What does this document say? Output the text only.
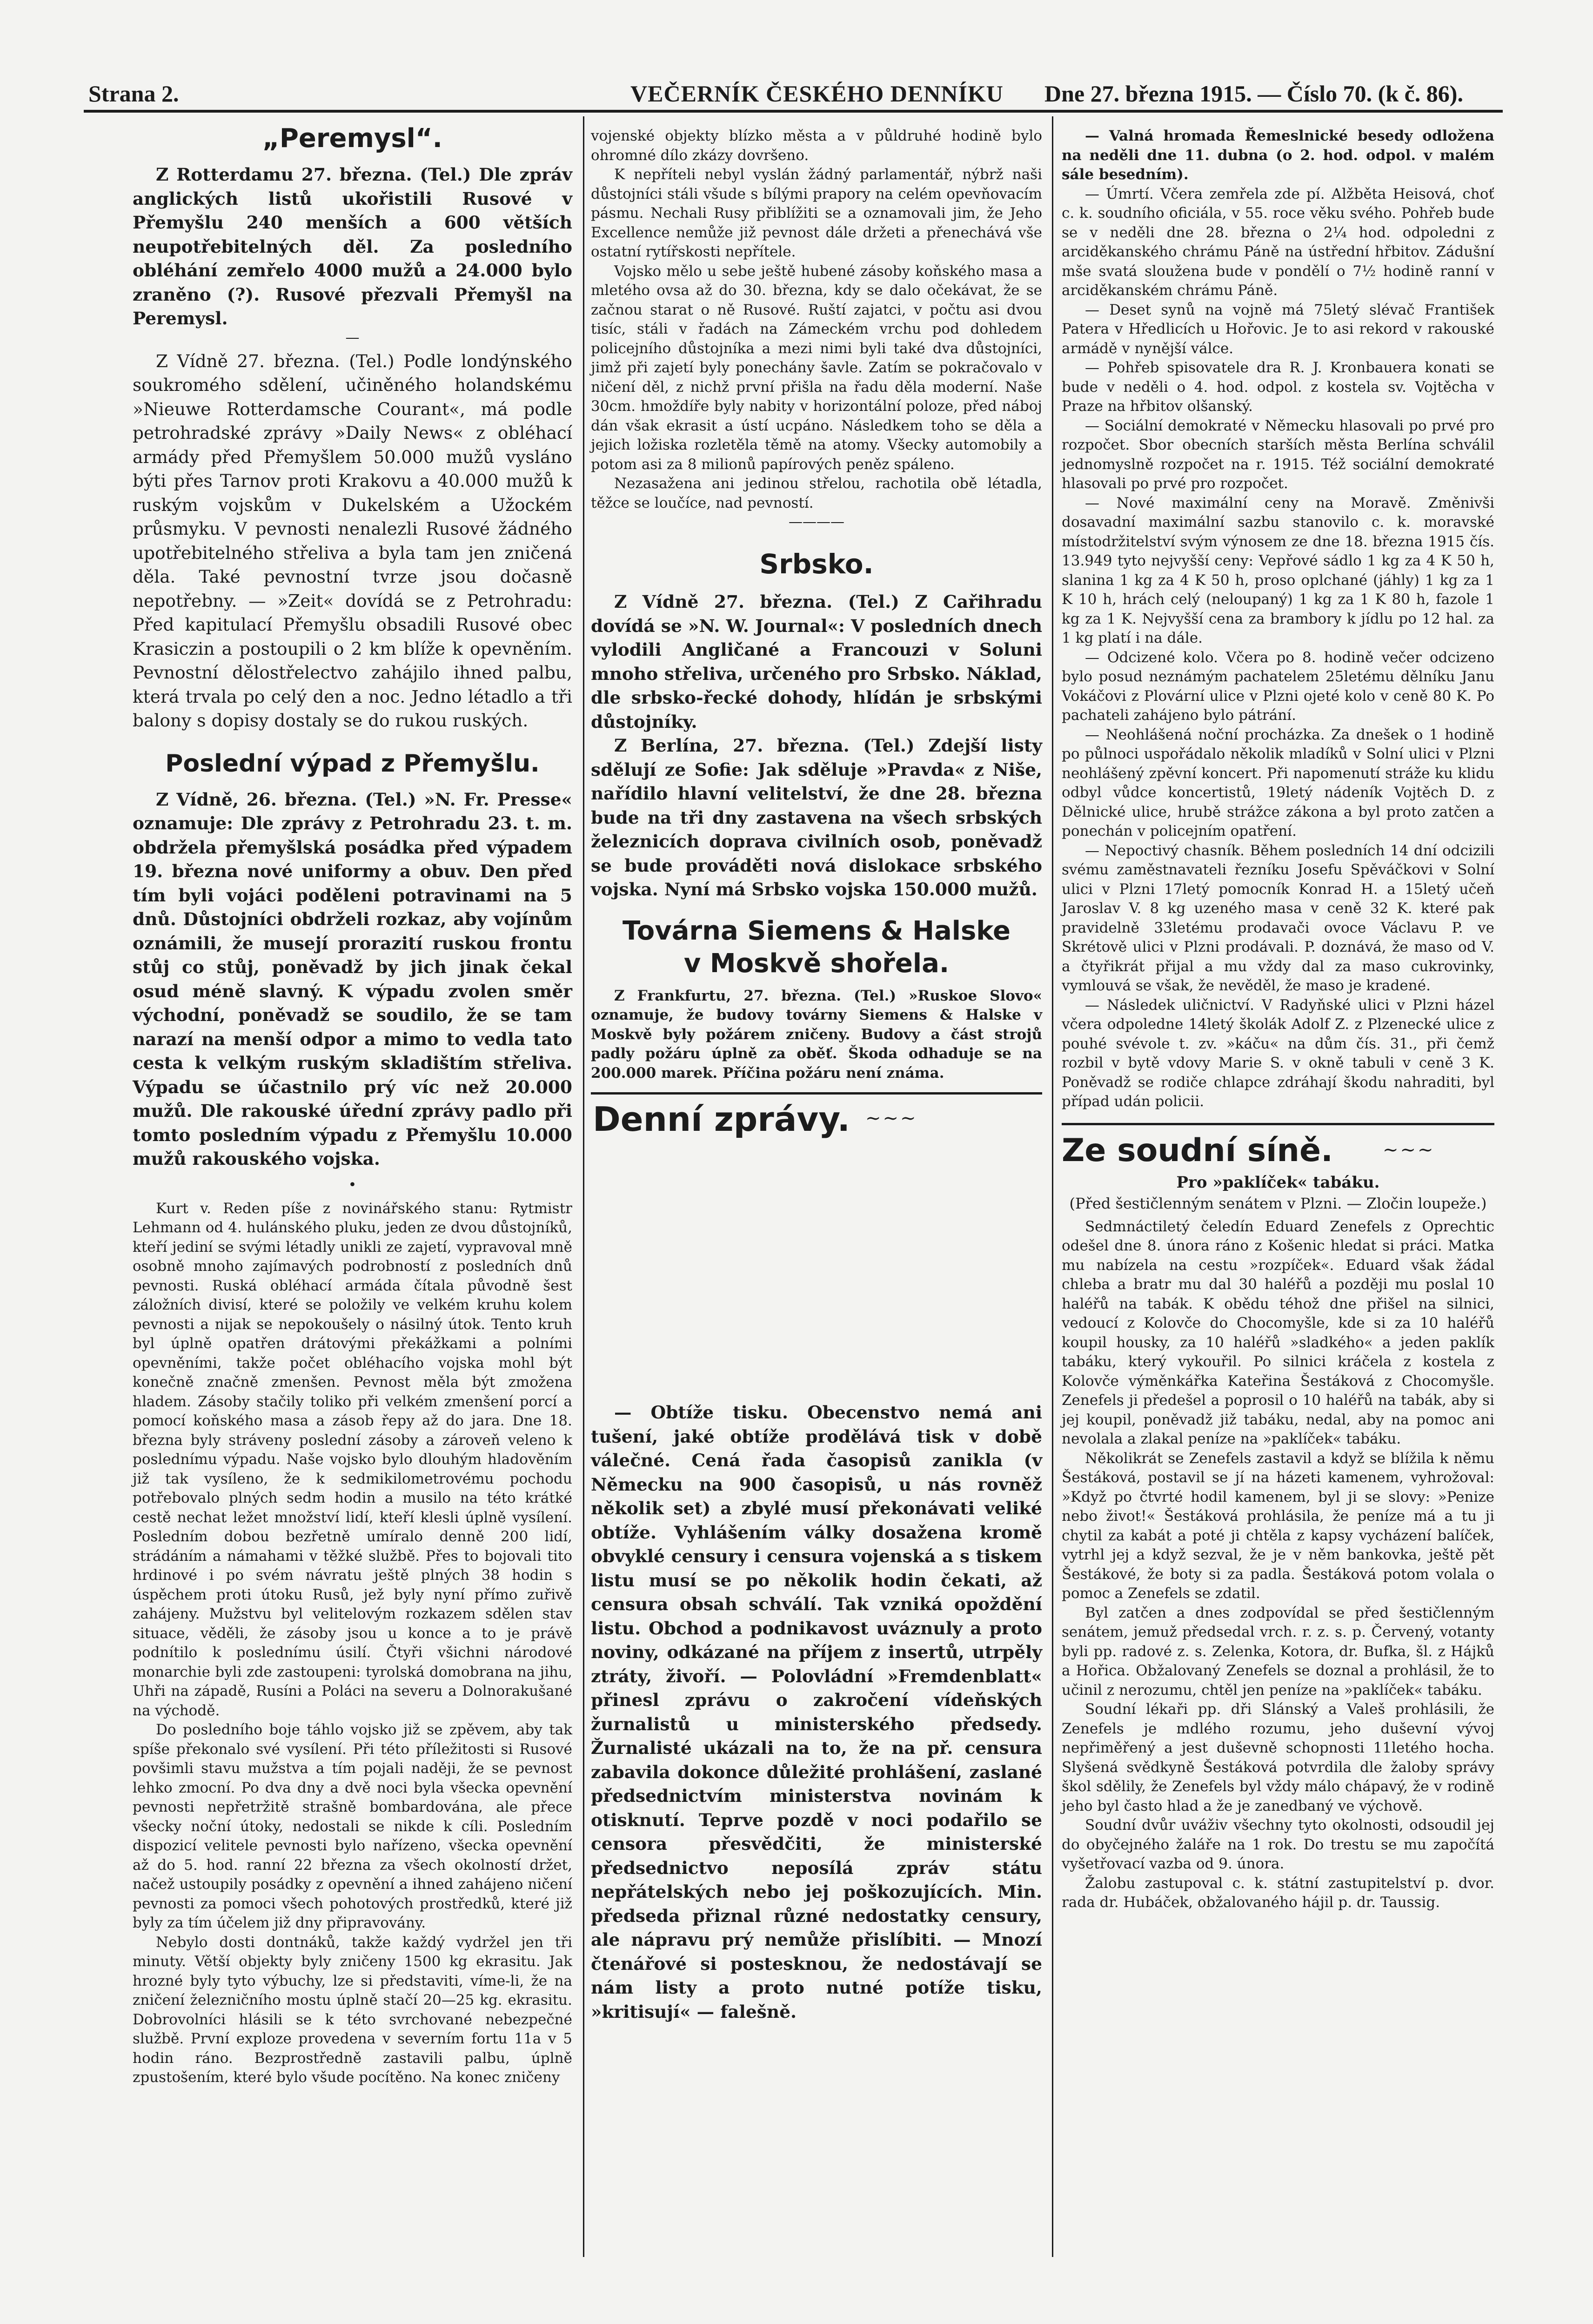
Strana 2.	VEČERNÍK ČESKÉHO DENNÍKU Dne 27. března 1915. — Číslo 70. (k č. 86).
„Peremysl“.

Z Rotterdamu 27. března. (Tel.) Dle zpráv anglických listů ukořistili Rusové v Přemyšlu 240 menších a 600 větších neupotřebitelných děl. Za posledního obléhání zemřelo 4000 mužů a 24.000 bylo zraněno (?). Rusové přezvali Přemyšl na Peremysl.

—

Z Vídně 27. března. (Tel.) Podle londýnského soukromého sdělení, učiněného holandskému »Nieuwe Rotterdamsche Courant«, má podle petrohradské zprávy »Daily News« z obléhací armády před Přemyšlem 50.000 mužů vysláno býti přes Tarnov proti Krakovu a 40.000 mužů k ruským vojskům v Dukelském a Užockém průsmyku. V pevnosti nenalezli Rusové žádného upotřebitelného střeliva a byla tam jen zničená děla. Také pevnostní tvrze jsou dočasně nepotřebny. — »Zeit« dovídá se z Petrohradu: Před kapitulací Přemyšlu obsadili Rusové obec Krasiczin a postoupili o 2 km blíže k opevněním. Pevnostní dělostřelectvo zahájilo ihned palbu, která trvala po celý den a noc. Jedno létadlo a tři balony s dopisy dostaly se do rukou ruských.

Poslední výpad z Přemyšlu.

Z Vídně, 26. března. (Tel.) »N. Fr. Presse« oznamuje: Dle zprávy z Petrohradu 23. t. m. obdržela přemyšlská posádka před výpadem 19. března nové uniformy a obuv. Den před tím byli vojáci poděleni potravinami na 5 dnů. Důstojníci obdrželi rozkaz, aby vojínům oznámili, že musejí prorazití ruskou frontu stůj co stůj, poněvadž by jich jinak čekal osud méně slavný. K výpadu zvolen směr východní, poněvadž se soudilo, že se tam narazí na menší odpor a mimo to vedla tato cesta k velkým ruským skladištím střeliva. Výpadu se účastnilo prý víc než 20.000 mužů. Dle rakouské úřední zprávy padlo při tomto posledním výpadu z Přemyšlu 10.000 mužů rakouského vojska.

•

Kurt v. Reden píše z novinářského stanu: Rytmistr Lehmann od 4. hulánského pluku, jeden ze dvou důstojníků, kteří jediní se svými létadly unikli ze zajetí, vypravoval mně osobně mnoho zajímavých podrobností z posledních dnů pevnosti. Ruská obléhací armáda čítala původně šest záložních divisí, které se položily ve velkém kruhu kolem pevnosti a nijak se nepokoušely o násilný útok. Tento kruh byl úplně opatřen drátovými překážkami a polními opevněními, takže počet obléhacího vojska mohl být konečně značně zmenšen. Pevnost měla být zmožena hladem. Zásoby stačily toliko při velkém zmenšení porcí a pomocí koňského masa a zásob řepy až do jara. Dne 18. března byly stráveny poslední zásoby a zároveň veleno k poslednímu výpadu. Naše vojsko bylo dlouhým hladověním již tak vysíleno, že k sedmikilometrovému pochodu potřebovalo plných sedm hodin a musilo na této krátké cestě nechat ležet množství lidí, kteří klesli úplně vysílení. Posledním dobou bezřetně umíralo denně 200 lidí, strádáním a námahami v těžké službě. Přes to bojovali tito hrdinové i po svém návratu ještě plných 38 hodin s úspěchem proti útoku Rusů, jež byly nyní přímo zuřivě zahájeny. Mužstvu byl velitelovým rozkazem sdělen stav situace, věděli, že zásoby jsou u konce a to je právě podnítilo k poslednímu úsilí. Čtyři všichni národové monarchie byli zde zastoupeni: tyrolská domobrana na jihu, Uhři na západě, Rusíni a Poláci na severu a Dolnorakušané na východě.

Do posledního boje táhlo vojsko již se zpěvem, aby tak spíše překonalo své vysílení. Při této příležitosti si Rusové povšimli stavu mužstva a tím pojali naději, že se pevnost lehko zmocní. Po dva dny a dvě noci byla všecka opevnění pevnosti nepřetržitě strašně bombardována, ale přece všecky noční útoky, nedostali se nikde k cíli. Posledním dispozicí velitele pevnosti bylo nařízeno, všecka opevnění až do 5. hod. ranní 22 března za všech okolností držet, načež ustoupily posádky z opevnění a ihned zahájeno ničení pevnosti za pomoci všech pohotových prostředků, které již byly za tím účelem již dny připravovány.

Nebylo dosti dontnáků, takže každý vydržel jen tři minuty. Větší objekty byly zničeny 1500 kg ekrasitu. Jak hrozné byly tyto výbuchy, lze si představiti, víme-li, že na zničení železničního mostu úplně stačí 20—25 kg. ekrasitu. Dobrovolníci hlásili se k této svrchované nebezpečné službě. První exploze provedena v severním fortu 11a v 5 hodin ráno. Bezprostředně zastavili palbu, úplně zpustošením, které bylo všude pocítěno. Na konec zničeny

vojenské objekty blízko města a v půldruhé hodině bylo ohromné dílo zkázy dovršeno.

K nepříteli nebyl vyslán žádný parlamentář, nýbrž naši důstojníci stáli všude s bílými prapory na celém opevňovacím pásmu. Nechali Rusy přiblížiti se a oznamovali jim, že Jeho Excellence nemůže již pevnost dále držeti a přenechává vše ostatní rytířskosti nepřítele.

Vojsko mělo u sebe ještě hubené zásoby koňského masa a mletého ovsa až do 30. března, kdy se dalo očekávat, že se začnou starat o ně Rusové. Ruští zajatci, v počtu asi dvou tisíc, stáli v řadách na Zámeckém vrchu pod dohledem policejního důstojníka a mezi nimi byli také dva důstojníci, jimž při zajetí byly ponechány šavle. Zatím se pokračovalo v ničení děl, z nichž první přišla na řadu děla moderní. Naše 30cm. hmoždíře byly nabity v horizontální poloze, před náboj dán však ekrasit a ústí ucpáno. Následkem toho se děla a jejich ložiska rozletěla těmě na atomy. Všecky automobily a potom asi za 8 milionů papírových peněz spáleno.

Nezasažena ani jedinou střelou, rachotila obě létadla, těžce se loučíce, nad pevností.

————
Srbsko.

Z Vídně 27. března. (Tel.) Z Cařihradu dovídá se »N. W. Journal«: V posledních dnech vylodili Angličané a Francouzi v Soluni mnoho střeliva, určeného pro Srbsko. Náklad, dle srbsko-řecké dohody, hlídán je srbskými důstojníky.

Z Berlína, 27. března. (Tel.) Zdejší listy sdělují ze Sofie: Jak sděluje »Pravda« z Niše, nařídilo hlavní velitelství, že dne 28. března bude na tři dny zastavena na všech srbských železnicích doprava civilních osob, poněvadž se bude prováděti nová dislokace srbského vojska. Nyní má Srbsko vojska 150.000 mužů.

Továrna Siemens & Halske
v Moskvě shořela.

Z Frankfurtu, 27. března. (Tel.) »Ruskoe Slovo« oznamuje, že budovy továrny Siemens & Halske v Moskvě byly požárem zničeny. Budovy a část strojů padly požáru úplně za oběť. Škoda odhaduje se na 200.000 marek. Příčina požáru není známa.

Denní zprávy. ~~~

— Obtíže tisku. Obecenstvo nemá ani tušení, jaké obtíže prodělává tisk v době válečné. Cená řada časopisů zanikla (v Německu na 900 časopisů, u nás rovněž několik set) a zbylé musí překonávati veliké obtíže. Vyhlášením války dosažena kromě obvyklé censury i censura vojenská a s tiskem listu musí se po několik hodin čekati, až censura obsah schválí. Tak vzniká opoždění listu. Obchod a podnikavost uváznuly a proto noviny, odkázané na příjem z insertů, utrpěly ztráty, živoří. — Polovládní »Fremdenblatt« přinesl zprávu o zakročení vídeňských žurnalistů u ministerského předsedy. Žurnalisté ukázali na to, že na př. censura zabavila dokonce důležité prohlášení, zaslané předsednictvím ministerstva novinám k otisknutí. Teprve pozdě v noci podařilo se censora přesvědčiti, že ministerské předsednictvo neposílá zpráv státu nepřátelských nebo jej poškozujících. Min. předseda přiznal různé nedostatky censury, ale nápravu prý nemůže přislíbiti. — Mnozí čtenářové si postesknou, že nedostávají se nám listy a proto nutné potíže tisku, »kritisují« — falešně.

— Valná hromada Řemeslnické besedy odložena na neděli dne 11. dubna (o 2. hod. odpol. v malém sále besedním).

— Úmrtí. Včera zemřela zde pí. Alžběta Heisová, choť c. k. soudního oficiála, v 55. roce věku svého. Pohřeb bude se v neděli dne 28. března o 2¼ hod. odpoledni z arciděkanského chrámu Páně na ústřední hřbitov. Zádušní mše svatá sloužena bude v pondělí o 7½ hodině ranní v arciděkanském chrámu Páně.

— Deset synů na vojně má 75letý slévač František Patera v Hředlicích u Hořovic. Je to asi rekord v rakouské armádě v nynější válce.

— Pohřeb spisovatele dra R. J. Kronbauera konati se bude v neděli o 4. hod. odpol. z kostela sv. Vojtěcha v Praze na hřbitov olšanský.

— Sociální demokraté v Německu hlasovali po prvé pro rozpočet. Sbor obecních starších města Berlína schválil jednomyslně rozpočet na r. 1915. Též sociální demokraté hlasovali po prvé pro rozpočet.

— Nové maximální ceny na Moravě. Změnivši dosavadní maximální sazbu stanovilo c. k. moravské místodržitelství svým výnosem ze dne 18. března 1915 čís. 13.949 tyto nejvyšší ceny: Vepřové sádlo 1 kg za 4 K 50 h, slanina 1 kg za 4 K 50 h, proso oplchané (jáhly) 1 kg za 1 K 10 h, hrách celý (neloupaný) 1 kg za 1 K 80 h, fazole 1 kg za 1 K. Nejvyšší cena za brambory k jídlu po 12 hal. za 1 kg platí i na dále.

— Odcizené kolo. Včera po 8. hodině večer odcizeno bylo posud neznámým pachatelem 25letému dělníku Janu Vokáčovi z Plovární ulice v Plzni ojeté kolo v ceně 80 K. Po pachateli zahájeno bylo pátrání.

— Neohlášená noční procházka. Za dnešek o 1 hodině po půlnoci uspořádalo několik mladíků v Solní ulici v Plzni neohlášený zpěvní koncert. Při napomenutí stráže ku klidu odbyl vůdce koncertistů, 19letý nádeník Vojtěch D. z Dělnické ulice, hrubě strážce zákona a byl proto zatčen a ponechán v policejním opatření.

— Nepoctivý chasník. Během posledních 14 dní odcizili svému zaměstnavateli řezníku Josefu Spěváčkovi v Solní ulici v Plzni 17letý pomocník Konrad H. a 15letý učeň Jaroslav V. 8 kg uzeného masa v ceně 32 K. které pak pravidelně 33letému prodavači ovoce Václavu P. ve Skrétově ulici v Plzni prodávali. P. doznává, že maso od V. a čtyřikrát přijal a mu vždy dal za maso cukrovinky, vymlouvá se však, že nevěděl, že maso je kradené.

— Následek uličnictví. V Radyňské ulici v Plzni házel včera odpoledne 14letý školák Adolf Z. z Plzenecké ulice z pouhé svévole t. zv. »káču« na dům čís. 31., při čemž rozbil v bytě vdovy Marie S. v okně tabuli v ceně 3 K. Poněvadž se rodiče chlapce zdráhají škodu nahraditi, byl případ udán policii.

Ze soudní síně.	~~~
Pro »paklíček« tabáku.
(Před šestičlenným senátem v Plzni. — Zločin loupeže.)

Sedmnáctiletý čeledín Eduard Zenefels z Oprechtic odešel dne 8. února ráno z Košenic hledat si práci. Matka mu nabízela na cestu »rozpíček«. Eduard však žádal chleba a bratr mu dal 30 haléřů a později mu poslal 10 haléřů na tabák. K obědu téhož dne přišel na silnici, vedoucí z Kolovče do Chocomyšle, kde si za 10 haléřů koupil housky, za 10 haléřů »sladkého« a jeden paklík tabáku, který vykouřil. Po silnici kráčela z kostela z Kolovče výměnkářka Kateřina Šestáková z Chocomyšle. Zenefels ji předešel a poprosil o 10 haléřů na tabák, aby si jej koupil, poněvadž již tabáku, nedal, aby na pomoc ani nevolala a zlakal peníze na »paklíček« tabáku.

Několikrát se Zenefels zastavil a když se blížila k němu Šestáková, postavil se jí na házeti kamenem, vyhrožoval: »Když po čtvrté hodil kamenem, byl ji se slovy: »Penize nebo život!« Šestáková prohlásila, že peníze má a tu ji chytil za kabát a poté ji chtěla z kapsy vycházení balíček, vytrhl jej a když sezval, že je v něm bankovka, ještě pět Šestákové, že boty si za padla. Šestáková potom volala o pomoc a Zenefels se zdatil.

Byl zatčen a dnes zodpovídal se před šestičlenným senátem, jemuž předsedal vrch. r. z. s. p. Červený, votanty byli pp. radové z. s. Zelenka, Kotora, dr. Bufka, šl. z Hájků a Hořica. Obžalovaný Zenefels se doznal a prohlásil, že to učinil z nerozumu, chtěl jen peníze na »paklíček« tabáku.

Soudní lékaři pp. dři Slánský a Valeš prohlásili, že Zenefels je mdlého rozumu, jeho duševní vývoj nepřiměřený a jest duševně schopnosti 11letého hocha. Slyšená svědkyně Šestáková potvrdila dle žaloby správy škol sdělily, že Zenefels byl vždy málo chápavý, že v rodině jeho byl často hlad a že je zanedbaný ve výchově.

Soudní dvůr uváživ všechny tyto okolnosti, odsoudil jej do obyčejného žaláře na 1 rok. Do trestu se mu započítá vyšetřovací vazba od 9. února.

Žalobu zastupoval c. k. státní zastupitelství p. dvor. rada dr. Hubáček, obžalovaného hájil p. dr. Taussig.
